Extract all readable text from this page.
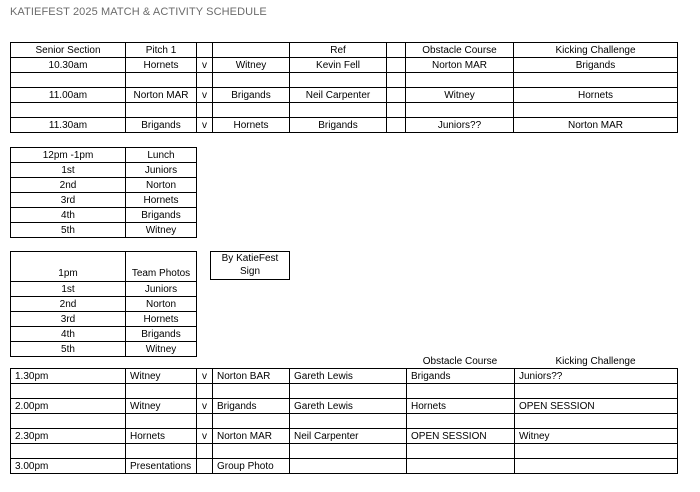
KATIEFEST 2025 MATCH & ACTIVITY SCHEDULE
Senior Section	Pitch 1			Ref		Obstacle Course	Kicking Challenge
10.30am	Hornets	v	Witney	Kevin Fell		Norton MAR	Brigands

11.00am	Norton MAR	v	Brigands	Neil Carpenter		Witney	Hornets

11.30am	Brigands	v	Hornets	Brigands		Juniors??	Norton MAR
12pm -1pm	Lunch
1st	Juniors
2nd	Norton
3rd	Hornets
4th	Brigands
5th	Witney
1pm	Team Photos
1st	Juniors
2nd	Norton
3rd	Hornets
4th	Brigands
5th	Witney
By KatieFest
Sign
Obstacle Course	Kicking Challenge
1.30pm	Witney	v	Norton BAR	Gareth Lewis	Brigands	Juniors??

2.00pm	Witney	v	Brigands	Gareth Lewis	Hornets	OPEN SESSION

2.30pm	Hornets	v	Norton MAR	Neil Carpenter	OPEN SESSION	Witney

3.00pm	Presentations		Group Photo			
